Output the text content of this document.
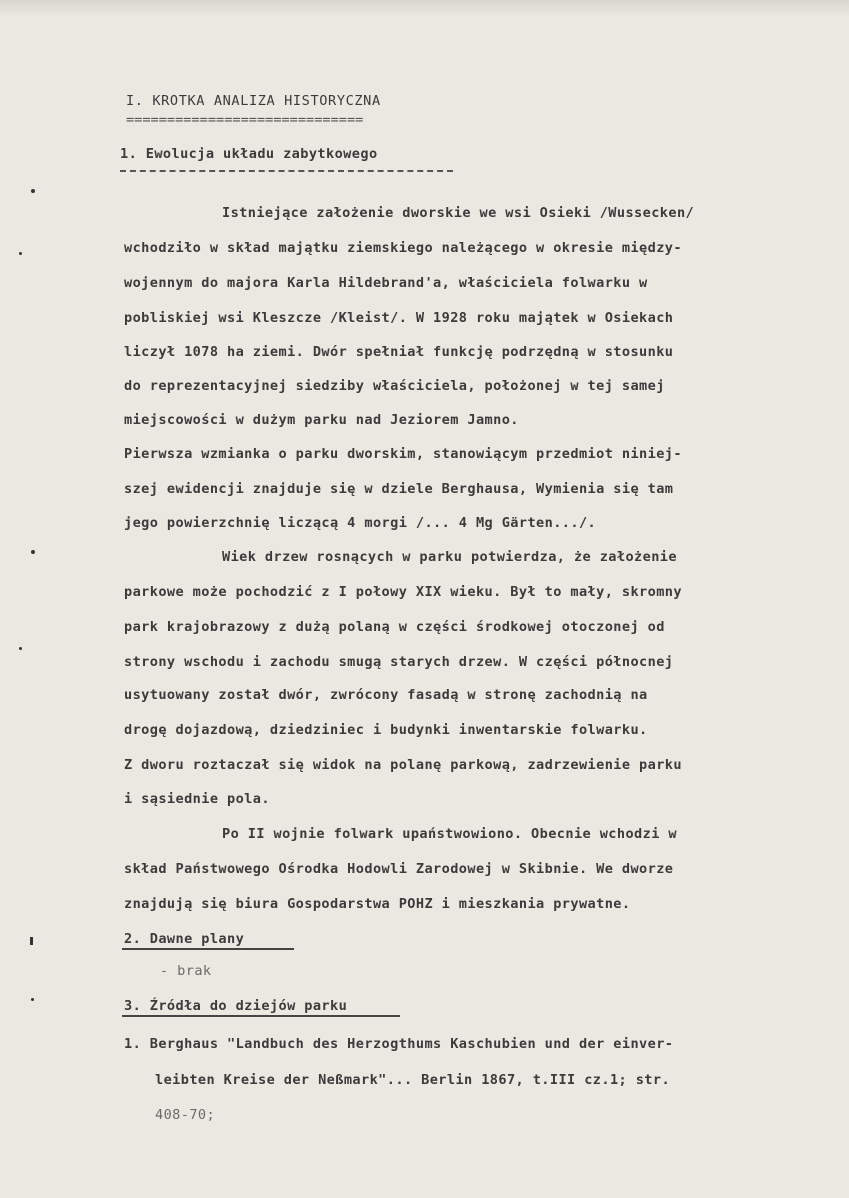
I. KROTKA ANALIZA HISTORYCZNA
=============================
1. Ewolucja układu zabytkowego
Istniejące założenie dworskie we wsi Osieki /Wussecken/
wchodziło w skład majątku ziemskiego należącego w okresie między-
wojennym do majora Karla Hildebrand'a, właściciela folwarku w
pobliskiej wsi Kleszcze /Kleist/. W 1928 roku majątek w Osiekach
liczył 1078 ha ziemi. Dwór spełniał funkcję podrzędną w stosunku
do reprezentacyjnej siedziby właściciela, położonej w tej samej
miejscowości w dużym parku nad Jeziorem Jamno.
Pierwsza wzmianka o parku dworskim, stanowiącym przedmiot niniej-
szej ewidencji znajduje się w dziele Berghausa, Wymienia się tam
jego powierzchnię liczącą 4 morgi /... 4 Mg Gärten.../.
Wiek drzew rosnących w parku potwierdza, że założenie
parkowe może pochodzić z I połowy XIX wieku. Był to mały, skromny
park krajobrazowy z dużą polaną w części środkowej otoczonej od
strony wschodu i zachodu smugą starych drzew. W części północnej
usytuowany został dwór, zwrócony fasadą w stronę zachodnią na
drogę dojazdową, dziedziniec i budynki inwentarskie folwarku.
Z dworu roztaczał się widok na polanę parkową, zadrzewienie parku
i sąsiednie pola.
Po II wojnie folwark upaństwowiono. Obecnie wchodzi w
skład Państwowego Ośrodka Hodowli Zarodowej w Skibnie. We dworze
znajdują się biura Gospodarstwa POHZ i mieszkania prywatne.
2. Dawne plany
- brak
3. Źródła do dziejów parku
1. Berghaus "Landbuch des Herzogthums Kaschubien und der einver-
leibten Kreise der Neßmark"... Berlin 1867, t.III cz.1; str.
408-70;
